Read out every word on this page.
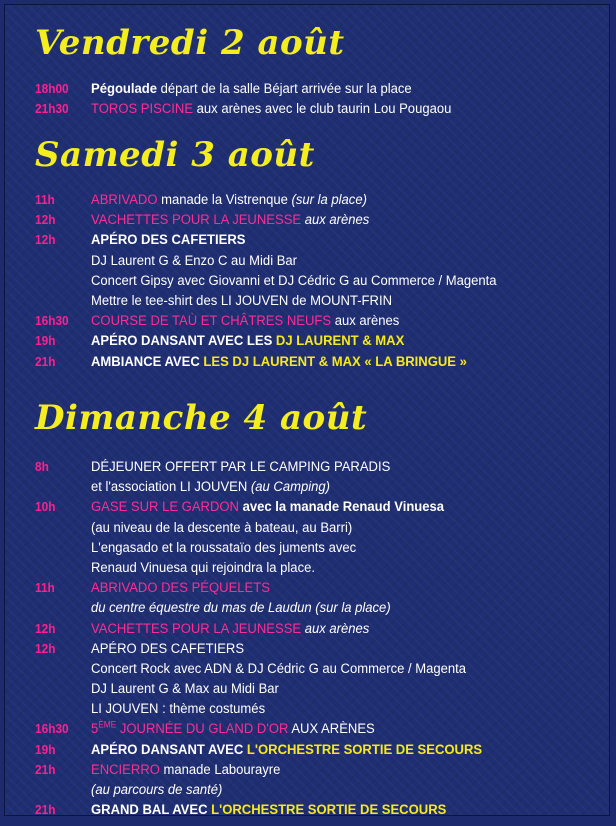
Vendredi 2 août
18h00 Pégoulade départ de la salle Béjart arrivée sur la place
21h30 TOROS PISCINE aux arènes avec le club taurin Lou Pougaou
Samedi 3 août
11h	ABRIVADO manade la Vistrenque (sur la place)
12h	VACHETTES POUR LA JEUNESSE aux arènes
12h	APÉRO DES CAFETIERS
DJ Laurent G & Enzo C au Midi Bar
Concert Gipsy avec Giovanni et DJ Cédric G au Commerce / Magenta
Mettre le tee-shirt des LI JOUVEN de MOUNT-FRIN
16h30 COURSE DE TAÙ ET CHÂTRES NEUFS aux arènes
19h	APÉRO DANSANT AVEC LES DJ LAURENT & MAX
21h	AMBIANCE AVEC LES DJ LAURENT & MAX « LA BRINGUE »
Dimanche 4 août
8h	DÉJEUNER OFFERT PAR LE CAMPING PARADIS
et l'association LI JOUVEN (au Camping)
10h	GASE SUR LE GARDON avec la manade Renaud Vinuesa
(au niveau de la descente à bateau, au Barri)
L'engasado et la roussataïo des juments avec
Renaud Vinuesa qui rejoindra la place.
11h	ABRIVADO DES PÉQUELETS
du centre équestre du mas de Laudun (sur la place)
12h	VACHETTES POUR LA JEUNESSE aux arènes
12h	APÉRO DES CAFETIERS
Concert Rock avec ADN & DJ Cédric G au Commerce / Magenta
DJ Laurent G & Max au Midi Bar
LI JOUVEN : thème costumés
16h30 5ÈME JOURNÉE DU GLAND D'OR AUX ARÈNES
19h	APÉRO DANSANT AVEC L'ORCHESTRE SORTIE DE SECOURS
21h	ENCIERRO manade Labourayre
(au parcours de santé)
21h	GRAND BAL AVEC L'ORCHESTRE SORTIE DE SECOURS
